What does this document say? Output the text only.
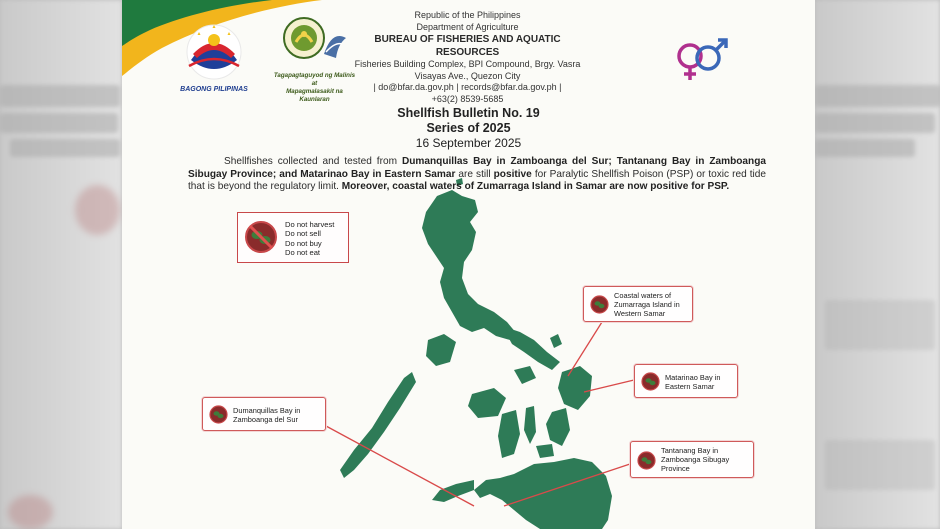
BAGONG PILIPINAS
Tagapagtaguyod ng Malinis at
Mapagmalasakit na Kaunlaran
Republic of the Philippines
Department of Agriculture
BUREAU OF FISHERIES AND AQUATIC RESOURCES
Fisheries Building Complex, BPI Compound, Brgy. Vasra
Visayas Ave., Quezon City
| do@bfar.da.gov.ph | records@bfar.da.gov.ph |
+63(2) 8539-5685
Shellfish Bulletin No. 19
Series of 2025
16 September 2025
Shellfishes collected and tested from Dumanquillas Bay in Zamboanga del Sur; Tantanang Bay in Zamboanga Sibugay Province; and Matarinao Bay in Eastern Samar are still positive for Paralytic Shellfish Poison (PSP) or toxic red tide that is beyond the regulatory limit. Moreover, coastal waters of Zumarraga Island in Samar are now positive for PSP.
Do not harvest
Do not sell
Do not buy
Do not eat
Coastal waters of Zumarraga Island in Western Samar
Matarinao Bay in Eastern Samar
Dumanquillas Bay in Zamboanga del Sur
Tantanang Bay in Zamboanga Sibugay Province
